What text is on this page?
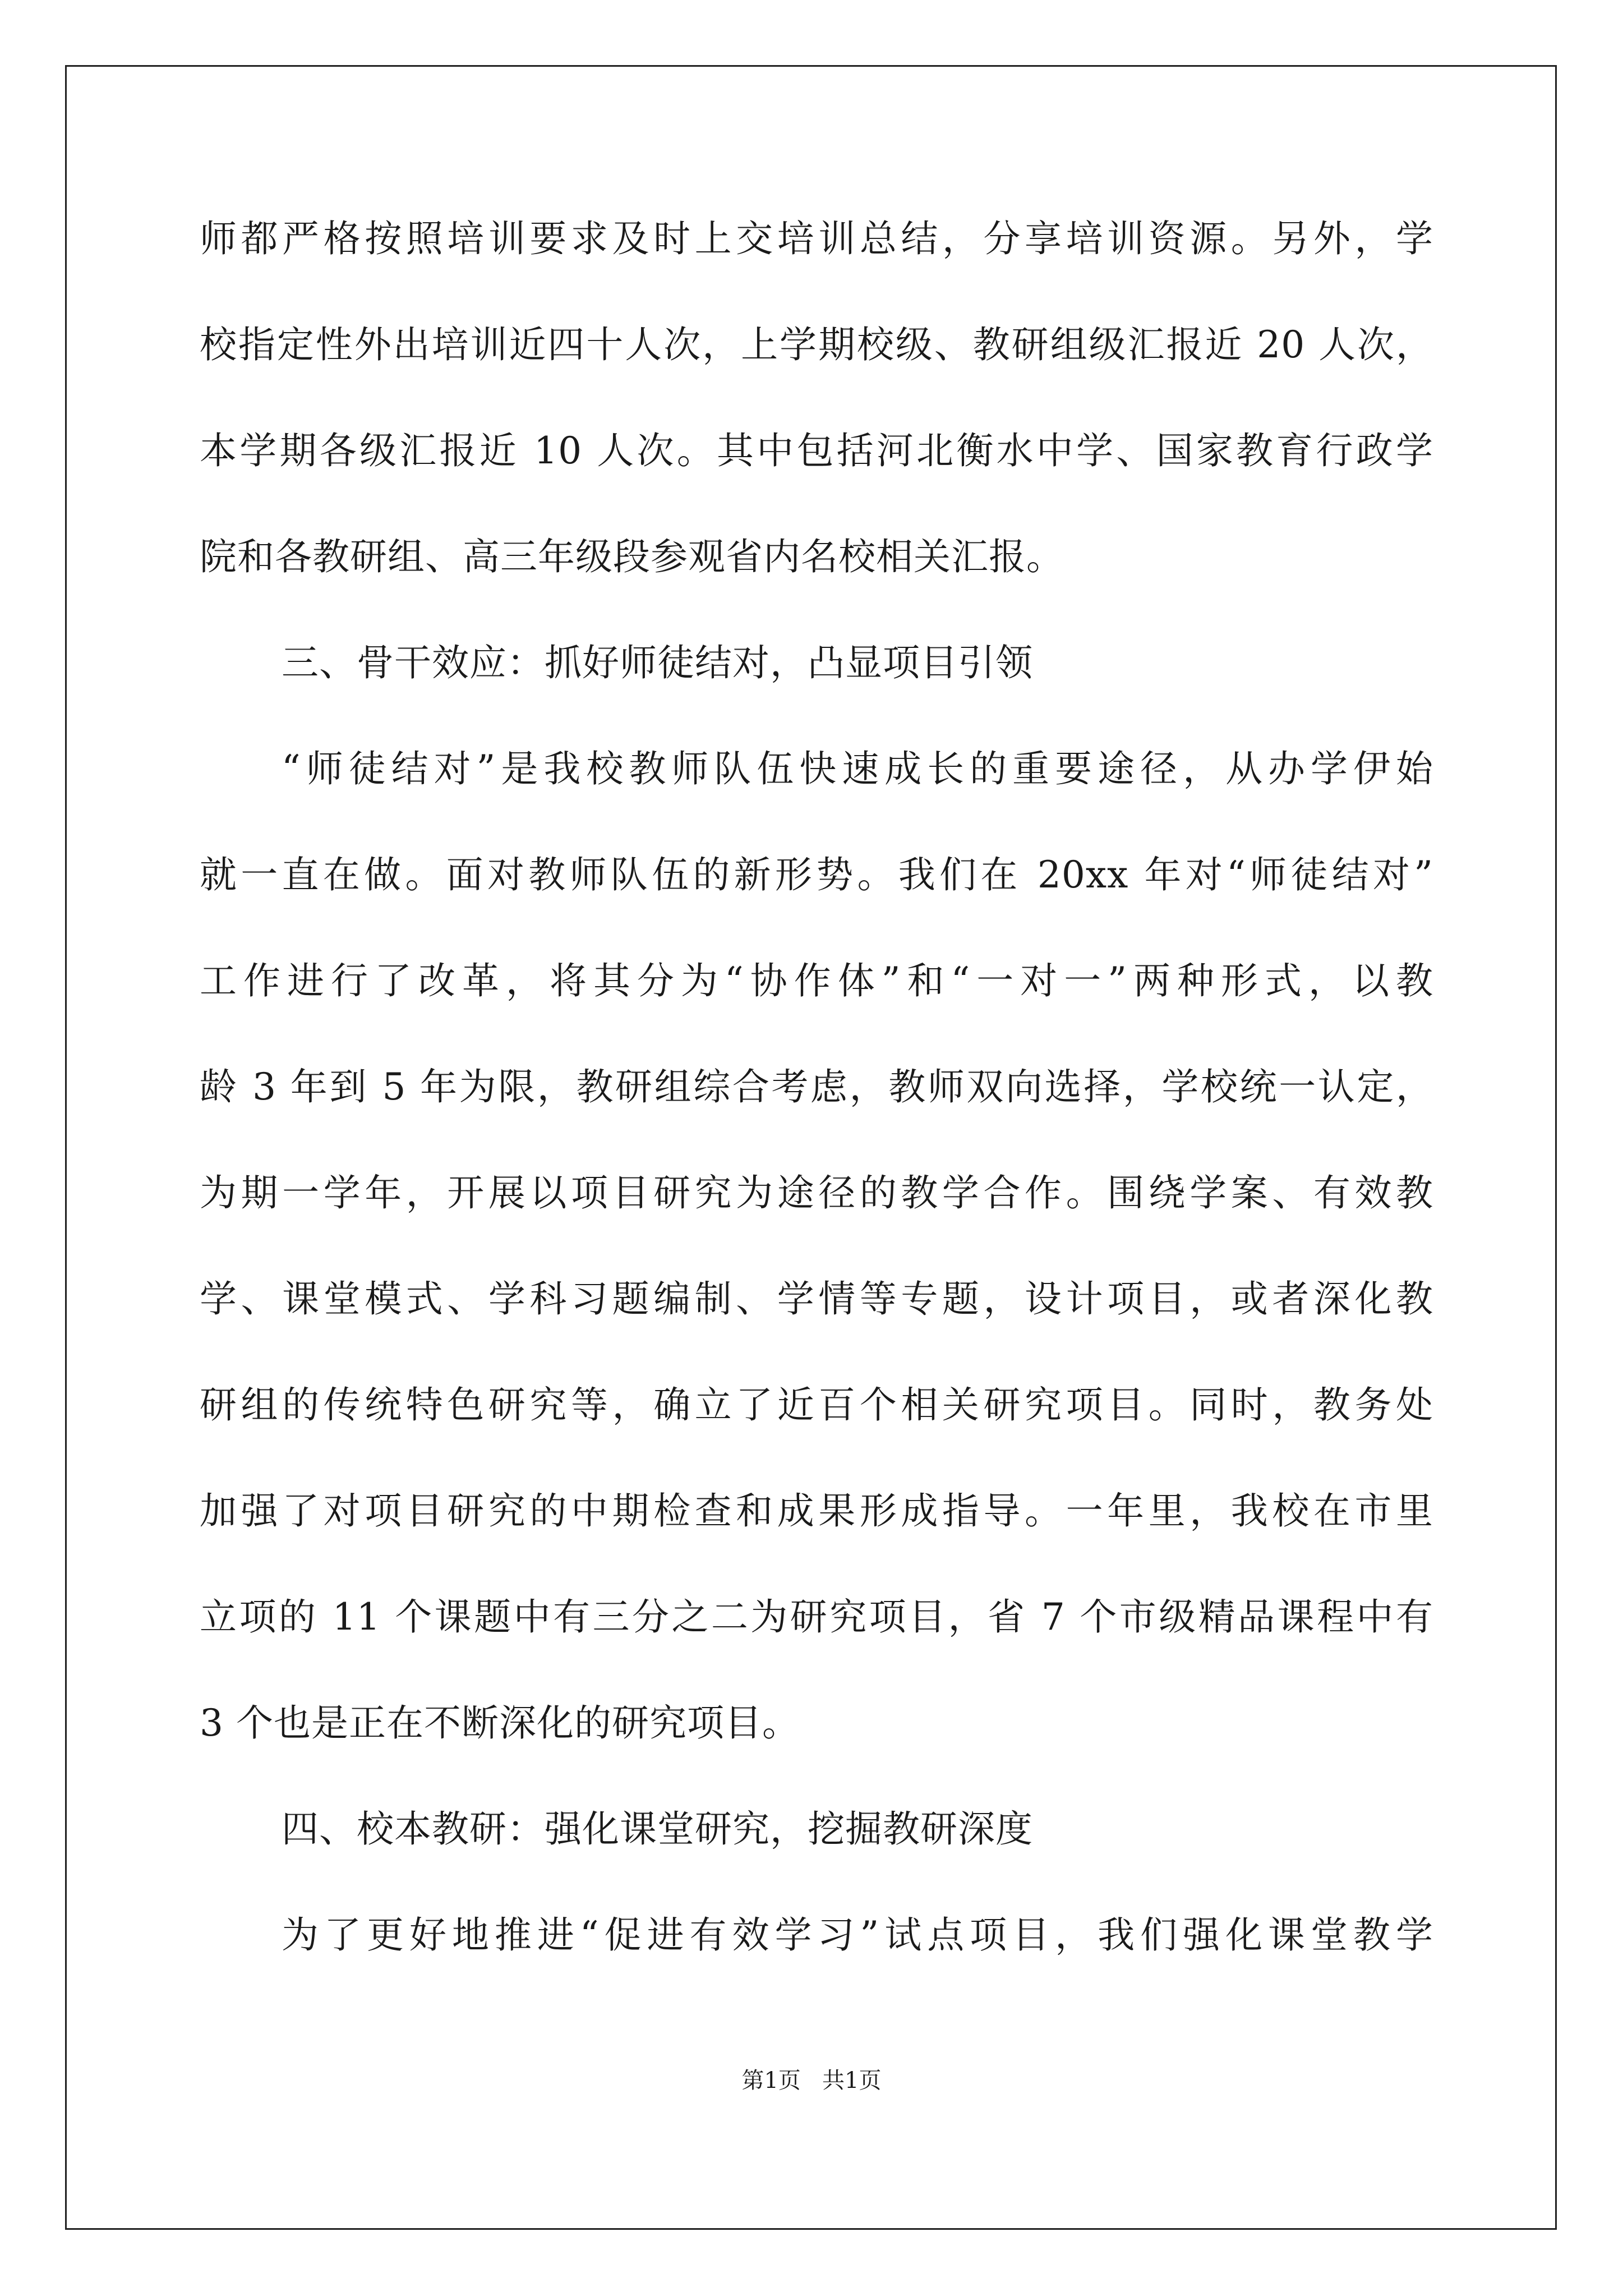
师都严格按照培训要求及时上交培训总结，分享培训资源。另外，学
校指定性外出培训近四十人次，上学期校级、教研组级汇报近 20 人次，
本学期各级汇报近 10 人次。其中包括河北衡水中学、国家教育行政学
院和各教研组、高三年级段参观省内名校相关汇报。
三、骨干效应：抓好师徒结对，凸显项目引领
“师徒结对”是我校教师队伍快速成长的重要途径，从办学伊始
就一直在做。面对教师队伍的新形势。我们在 20xx 年对“师徒结对”
工作进行了改革，将其分为“协作体”和“一对一”两种形式，以教
龄 3 年到 5 年为限，教研组综合考虑，教师双向选择，学校统一认定，
为期一学年，开展以项目研究为途径的教学合作。围绕学案、有效教
学、课堂模式、学科习题编制、学情等专题，设计项目，或者深化教
研组的传统特色研究等，确立了近百个相关研究项目。同时，教务处
加强了对项目研究的中期检查和成果形成指导。一年里，我校在市里
立项的 11 个课题中有三分之二为研究项目，省 7 个市级精品课程中有
3 个也是正在不断深化的研究项目。
四、校本教研：强化课堂研究，挖掘教研深度
为了更好地推进“促进有效学习”试点项目，我们强化课堂教学
第1页   共1页
